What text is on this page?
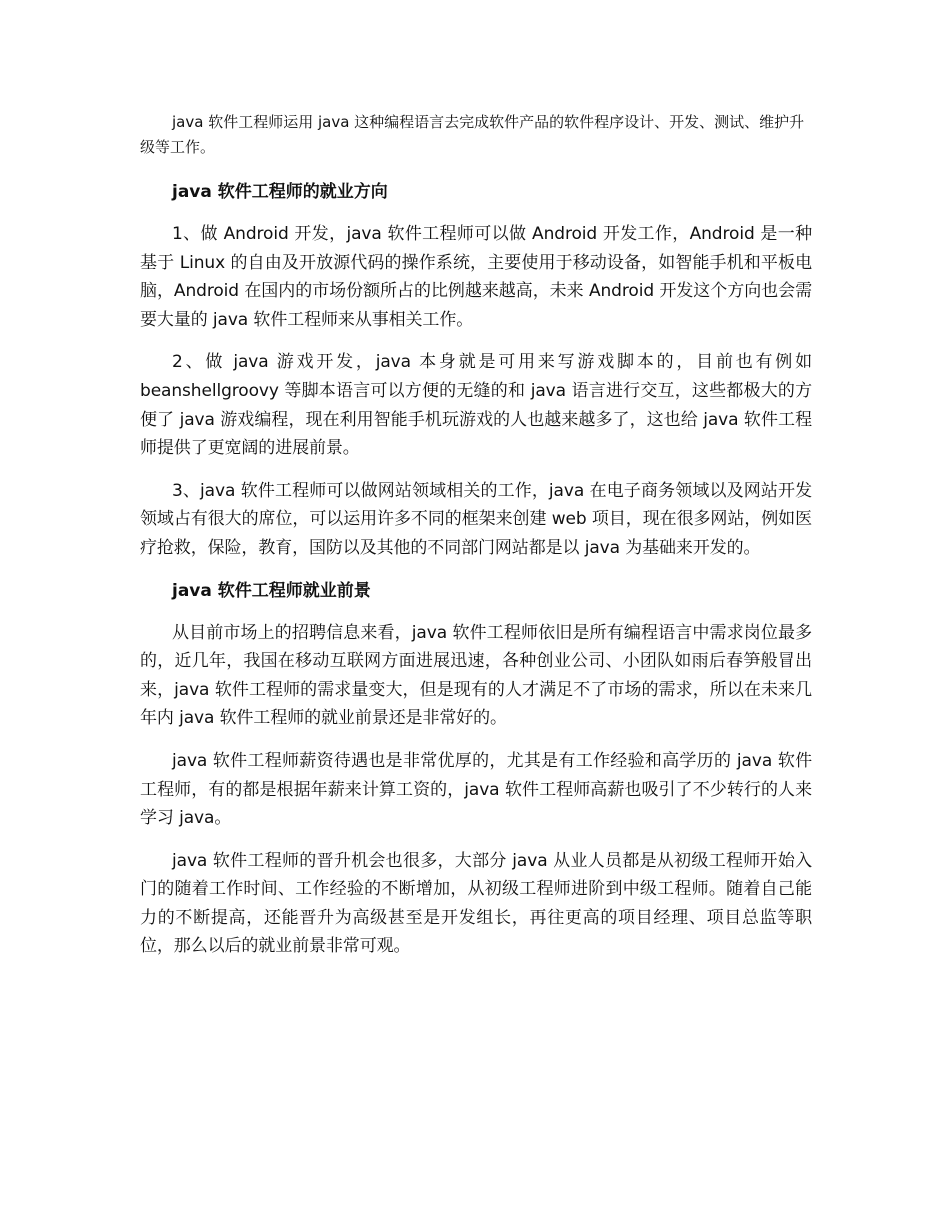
java 软件工程师运用 java 这种编程语言去完成软件产品的软件程序设计、开发、测试、维护升级等工作。

java 软件工程师的就业方向

1、做 Android 开发，java 软件工程师可以做 Android 开发工作，Android 是一种基于 Linux 的自由及开放源代码的操作系统，主要使用于移动设备，如智能手机和平板电脑，Android 在国内的市场份额所占的比例越来越高，未来 Android 开发这个方向也会需要大量的 java 软件工程师来从事相关工作。

2、做 java 游戏开发，java 本身就是可用来写游戏脚本的，目前也有例如 beanshellgroovy 等脚本语言可以方便的无缝的和 java 语言进行交互，这些都极大的方便了 java 游戏编程，现在利用智能手机玩游戏的人也越来越多了，这也给 java 软件工程师提供了更宽阔的进展前景。

3、java 软件工程师可以做网站领域相关的工作，java 在电子商务领域以及网站开发领域占有很大的席位，可以运用许多不同的框架来创建 web 项目，现在很多网站，例如医疗抢救，保险，教育，国防以及其他的不同部门网站都是以 java 为基础来开发的。

java 软件工程师就业前景

从目前市场上的招聘信息来看，java 软件工程师依旧是所有编程语言中需求岗位最多的，近几年，我国在移动互联网方面进展迅速，各种创业公司、小团队如雨后春笋般冒出来，java 软件工程师的需求量变大，但是现有的人才满足不了市场的需求，所以在未来几年内 java 软件工程师的就业前景还是非常好的。

java 软件工程师薪资待遇也是非常优厚的，尤其是有工作经验和高学历的 java 软件工程师，有的都是根据年薪来计算工资的，java 软件工程师高薪也吸引了不少转行的人来学习 java。

java 软件工程师的晋升机会也很多，大部分 java 从业人员都是从初级工程师开始入门的随着工作时间、工作经验的不断增加，从初级工程师进阶到中级工程师。随着自己能力的不断提高，还能晋升为高级甚至是开发组长，再往更高的项目经理、项目总监等职位，那么以后的就业前景非常可观。
